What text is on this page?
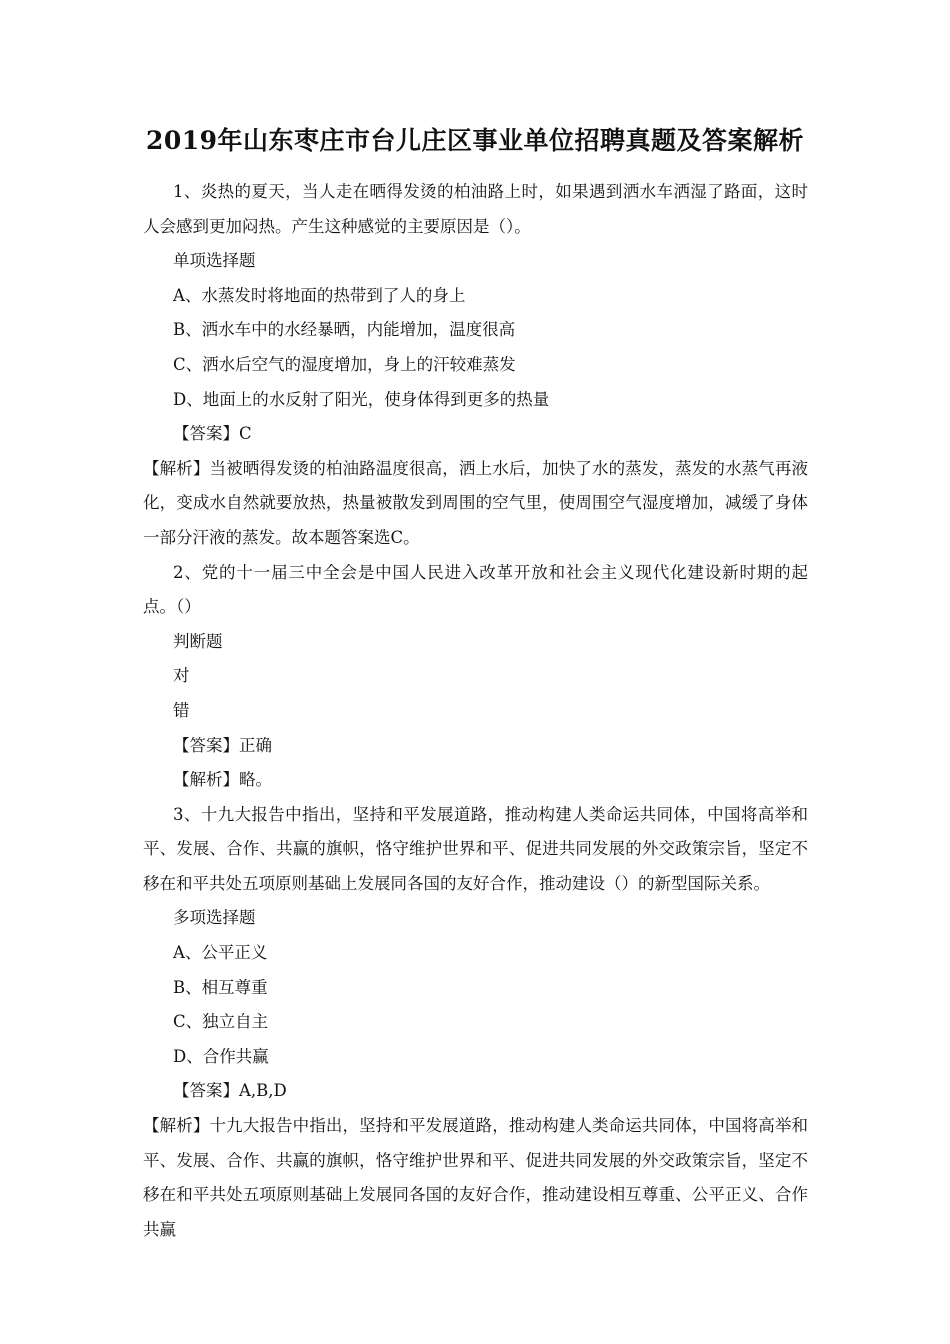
2019年山东枣庄市台儿庄区事业单位招聘真题及答案解析

1、炎热的夏天，当人走在晒得发烫的柏油路上时，如果遇到洒水车洒湿了路面，这时人会感到更加闷热。产生这种感觉的主要原因是（）。

单项选择题

A、水蒸发时将地面的热带到了人的身上

B、洒水车中的水经暴晒，内能增加，温度很高

C、洒水后空气的湿度增加，身上的汗较难蒸发

D、地面上的水反射了阳光，使身体得到更多的热量

【答案】C

【解析】当被晒得发烫的柏油路温度很高，洒上水后，加快了水的蒸发，蒸发的水蒸气再液化，变成水自然就要放热，热量被散发到周围的空气里，使周围空气湿度增加，减缓了身体一部分汗液的蒸发。故本题答案选C。

2、党的十一届三中全会是中国人民进入改革开放和社会主义现代化建设新时期的起点。（）

判断题

对

错

【答案】正确

【解析】略。

3、十九大报告中指出，坚持和平发展道路，推动构建人类命运共同体，中国将高举和平、发展、合作、共赢的旗帜，恪守维护世界和平、促进共同发展的外交政策宗旨，坚定不移在和平共处五项原则基础上发展同各国的友好合作，推动建设（）的新型国际关系。

多项选择题

A、公平正义

B、相互尊重

C、独立自主

D、合作共赢

【答案】A,B,D

【解析】十九大报告中指出，坚持和平发展道路，推动构建人类命运共同体，中国将高举和平、发展、合作、共赢的旗帜，恪守维护世界和平、促进共同发展的外交政策宗旨，坚定不移在和平共处五项原则基础上发展同各国的友好合作，推动建设相互尊重、公平正义、合作共赢
